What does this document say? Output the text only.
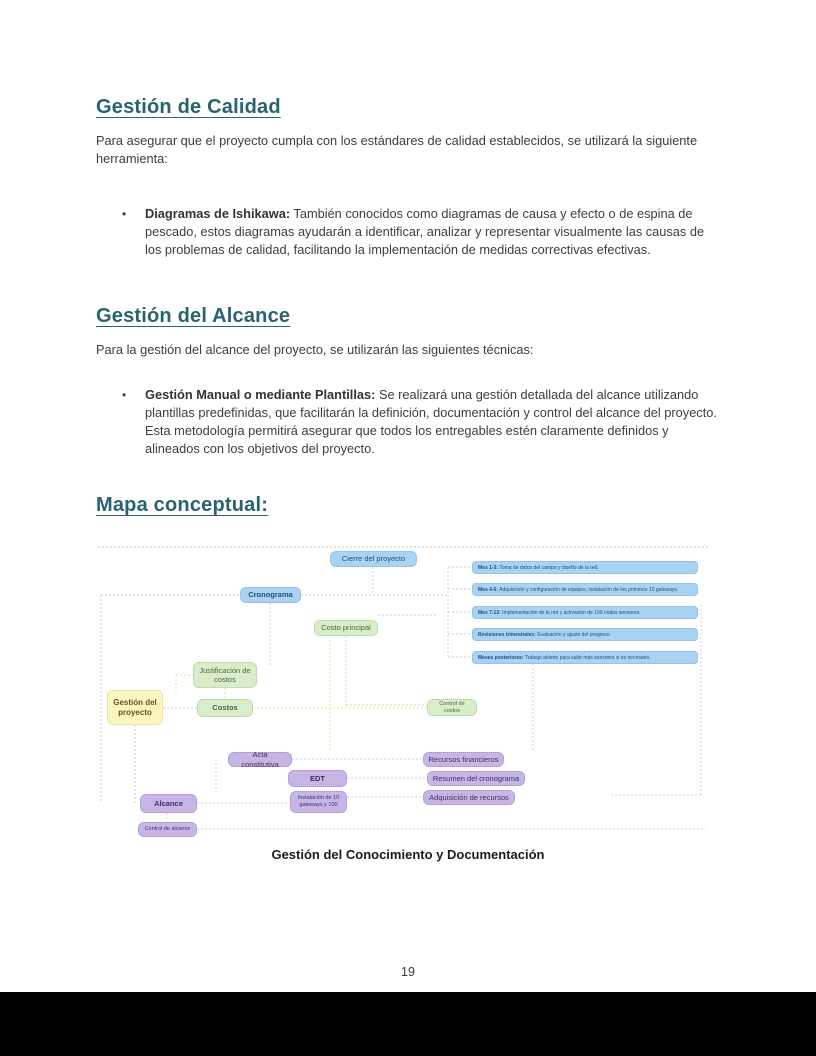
Gestión de Calidad

Para asegurar que el proyecto cumpla con los estándares de calidad establecidos, se utilizará la siguiente herramienta:

• Diagramas de Ishikawa: También conocidos como diagramas de causa y efecto o de espina de pescado, estos diagramas ayudarán a identificar, analizar y representar visualmente las causas de los problemas de calidad, facilitando la implementación de medidas correctivas efectivas.
Gestión del Alcance

Para la gestión del alcance del proyecto, se utilizarán las siguientes técnicas:

• Gestión Manual o mediante Plantillas: Se realizará una gestión detallada del alcance utilizando plantillas predefinidas, que facilitarán la definición, documentación y control del alcance del proyecto. Esta metodología permitirá asegurar que todos los entregables estén claramente definidos y alineados con los objetivos del proyecto.
Mapa conceptual:
Cierre del proyecto
Cronograma
Costo principal
Mes 1-3: Toma de datos del campo y diseño de la red.
Mes 4-6: Adquisición y configuración de equipos, instalación de los primeros 10 gateways.
Mes 7-12: Implementación de la red y activación de 100 nodos sensores.
Revisiones trimestrales: Evaluación y ajuste del progreso.
Meses posteriores: Trabajo abierto para subir más sensores si es necesario.
Justificación de costos
Gestión del proyecto	Costos	Control de costos
Acta constitutiva
EDT
Instalación de 10 gateways y 100
Recursos financieros
Resumen del cronograma
Adquisición de recursos
Alcance
Control de alcance
Gestión del Conocimiento y Documentación
19
